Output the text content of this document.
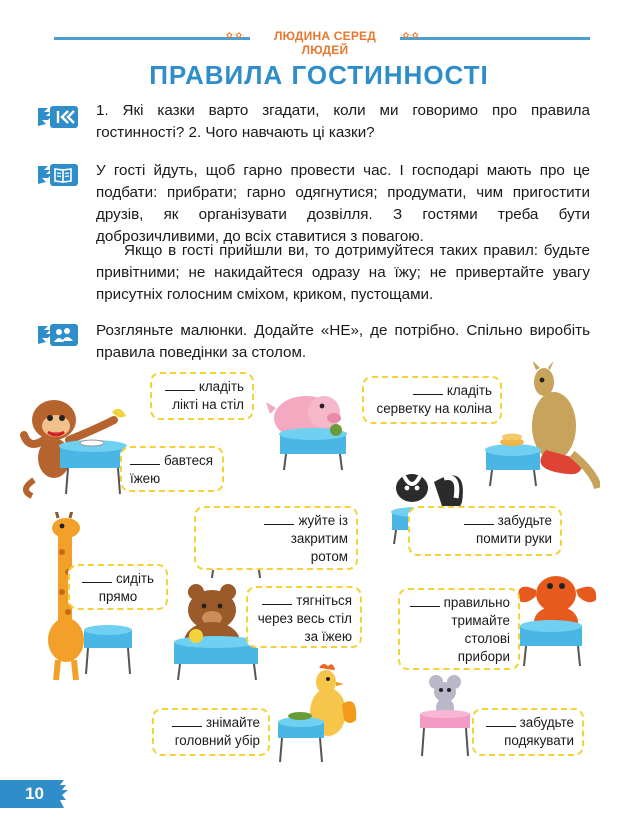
✿·✿·	ЛЮДИНА СЕРЕД ЛЮДЕЙ
·✿·✿
ПРАВИЛА ГОСТИННОСТІ
1. Які казки варто згадати, коли ми говоримо про правила гостинності? 2. Чого навчають ці казки?
У гості йдуть, щоб гарно провести час. І господарі мають про це подбати: прибрати; гарно одягнутися; продумати, чим пригостити друзів, як організувати дозвілля. З гостями треба бути доброзичливими, до всіх ставитися з повагою.
Якщо в гості прийшли ви, то дотримуйтеся таких правил: будьте привітними; не накидайтеся одразу на їжу; не привертайте увагу присутніх голосним сміхом, криком, пустощами.
Розгляньте малюнки. Додайте «НЕ», де потрібно. Спільно виробіть правила поведінки за столом.
кладіть
лікті на стіл
кладіть
серветку на коліна
бавтеся
їжею
жуйте із
закритим
ротом
забудьте
помити руки
сидіть
прямо	тягніться
через весь стіл
за їжею
правильно
тримайте
столові
прибори
знімайте
головний убір
забудьте
подякувати
10
